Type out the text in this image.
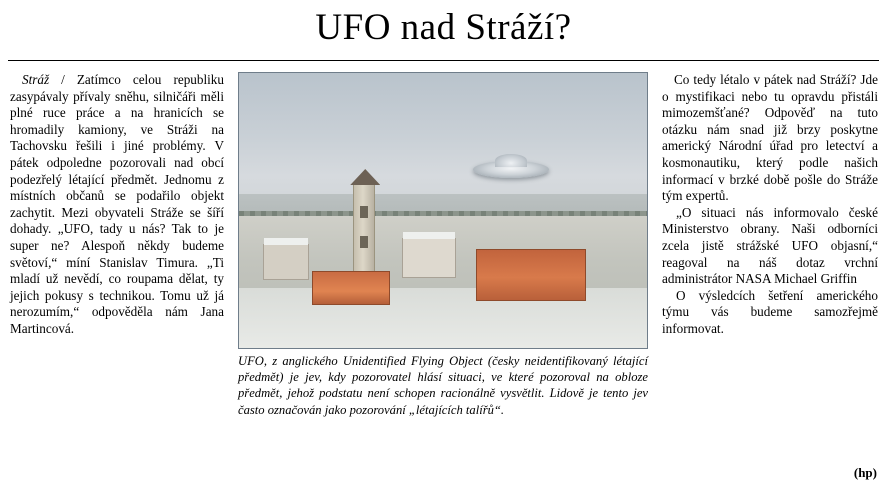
UFO nad Stráží?

Stráž / Zatímco celou republiku zasypávaly přívaly sněhu, silničáři měli plné ruce práce a na hranicích se hromadily kamiony, ve Stráži na Tachovsku řešili i jiné problémy. V pátek odpoledne pozorovali nad obcí podezřelý létající předmět. Jednomu z místních občanů se podařilo objekt zachytit. Mezi obyvateli Stráže se šíří dohady. „UFO, tady u nás? Tak to je super ne? Alespoň někdy budeme světoví,“ míní Stanislav Timura. „Ti mladí už nevědí, co roupama dělat, ty jejich pokusy s technikou. Tomu už já nerozumím,“ odpověděla nám Jana Martincová.

UFO, z anglického Unidentified Flying Object (česky neidentifikovaný létající předmět) je jev, kdy pozorovatel hlásí situaci, ve které pozoroval na obloze předmět, jehož podstatu není schopen racionálně vysvětlit. Lidově je tento jev často označován jako pozorování „létajících talířů“.

Co tedy létalo v pátek nad Stráží? Jde o mystifikaci nebo tu opravdu přistáli mimozemšťané? Odpověď na tuto otázku nám snad již brzy poskytne americký Národní úřad pro letectví a kosmonautiku, který podle našich informací v brzké době pošle do Stráže tým expertů.

„O situaci nás informovalo české Ministerstvo obrany. Naši odborníci zcela jistě strážské UFO objasní,“ reagoval na náš dotaz vrchní administrátor NASA Michael Griffin

O výsledcích šetření amerického týmu vás budeme samozřejmě informovat.

(hp)
